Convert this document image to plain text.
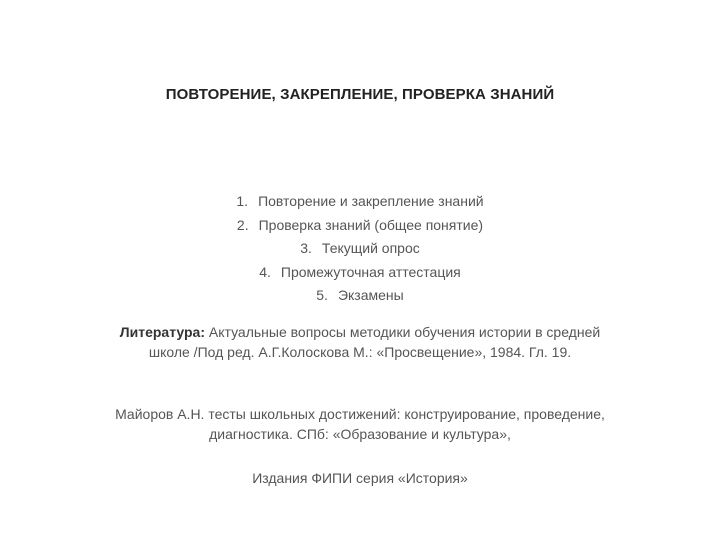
ПОВТОРЕНИЕ, ЗАКРЕПЛЕНИЕ, ПРОВЕРКА ЗНАНИЙ
1. Повторение и закрепление знаний
2. Проверка знаний (общее понятие)
3. Текущий опрос
4. Промежуточная аттестация
5. Экзамены
Литература: Актуальные вопросы методики обучения истории в средней школе /Под ред. А.Г.Колоскова М.: «Просвещение», 1984. Гл. 19.
Майоров А.Н. тесты школьных достижений: конструирование, проведение, диагностика. СПб: «Образование и культура»,
Издания ФИПИ серия «История»
